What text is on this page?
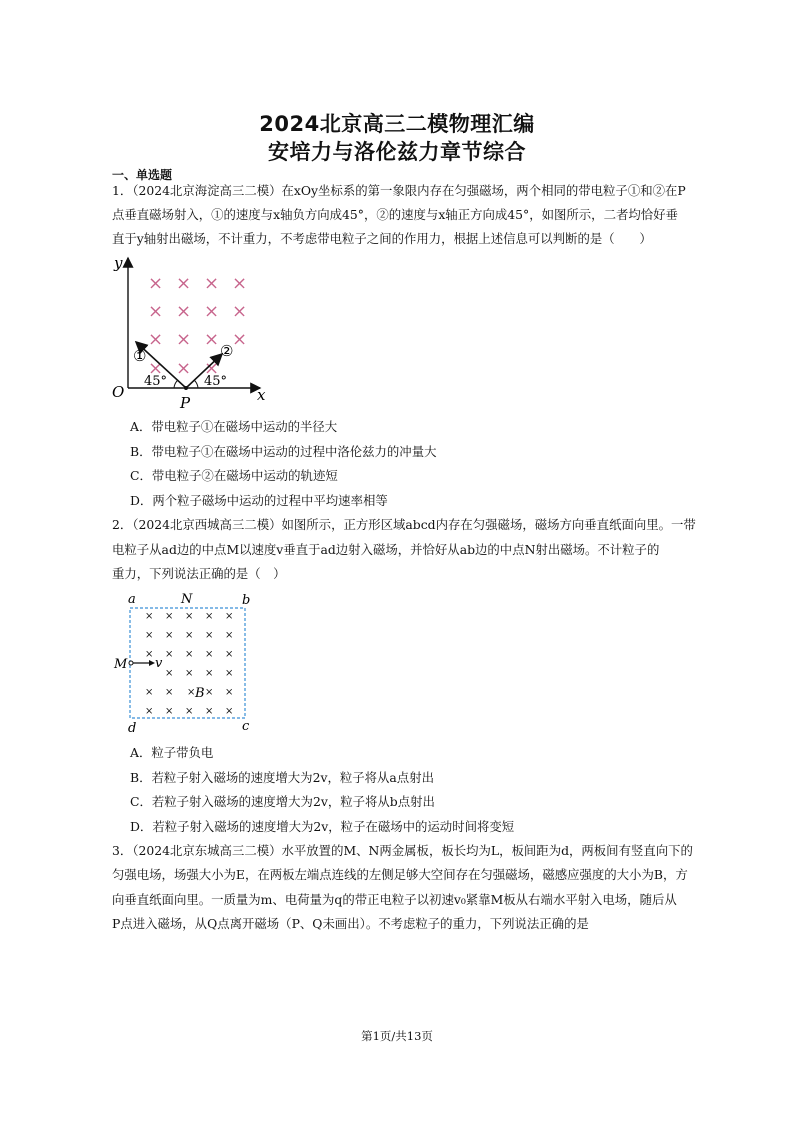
2024北京高三二模物理汇编
安培力与洛伦兹力章节综合
一、单选题
1．（2024北京海淀高三二模）在xOy坐标系的第一象限内存在匀强磁场，两个相同的带电粒子①和②在P
点垂直磁场射入，①的速度与x轴负方向成45°，②的速度与x轴正方向成45°，如图所示，二者均恰好垂
直于y轴射出磁场，不计重力，不考虑带电粒子之间的作用力，根据上述信息可以判断的是（　　）
y
x
O
P
× × × ×
× × × ×
× × × ×
× × ×
①	②
45°	45°
A．带电粒子①在磁场中运动的半径大
B．带电粒子①在磁场中运动的过程中洛伦兹力的冲量大
C．带电粒子②在磁场中运动的轨迹短
D．两个粒子磁场中运动的过程中平均速率相等
2．（2024北京西城高三二模）如图所示，正方形区域abcd内存在匀强磁场，磁场方向垂直纸面向里。一带
电粒子从ad边的中点M以速度v垂直于ad边射入磁场，并恰好从ab边的中点N射出磁场。不计粒子的
重力，下列说法正确的是（　）
a	b
c
d
N
M v
B
× × × × ×
× × × × ×
× × × × ×
× × × ×
× × × × ×
× × × × ×
A．粒子带负电
B．若粒子射入磁场的速度增大为2v，粒子将从a点射出
C．若粒子射入磁场的速度增大为2v，粒子将从b点射出
D．若粒子射入磁场的速度增大为2v，粒子在磁场中的运动时间将变短
3．（2024北京东城高三二模）水平放置的M、N两金属板，板长均为L，板间距为d，两板间有竖直向下的
匀强电场，场强大小为E，在两板左端点连线的左侧足够大空间存在匀强磁场，磁感应强度的大小为B，方
向垂直纸面向里。一质量为m、电荷量为q的带正电粒子以初速v₀紧靠M板从右端水平射入电场，随后从
P点进入磁场，从Q点离开磁场（P、Q未画出）。不考虑粒子的重力，下列说法正确的是
第1页/共13页
